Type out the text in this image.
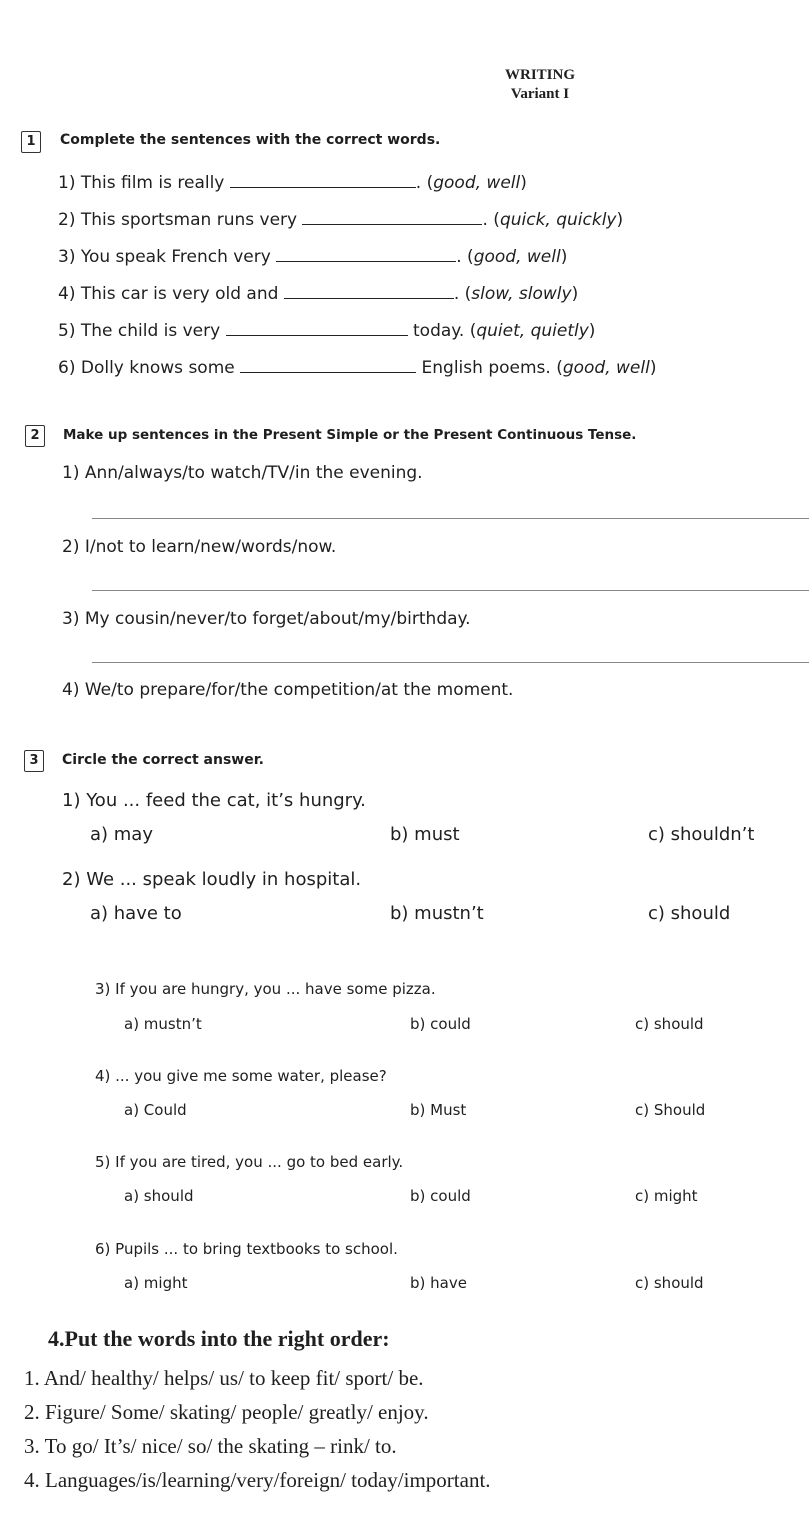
WRITING
Variant I
1	Complete the sentences with the correct words.
1) This film is really	. (good, well)
2) This sportsman runs very	. (quick, quickly)
3) You speak French very	. (good, well)
4) This car is very old and	. (slow, slowly)
5) The child is very	today. (quiet, quietly)
6) Dolly knows some	English poems. (good, well)
2	Make up sentences in the Present Simple or the Present Continuous Tense.
1) Ann/always/to watch/TV/in the evening.
2) I/not to learn/new/words/now.
3) My cousin/never/to forget/about/my/birthday.
4) We/to prepare/for/the competition/at the moment.
3	Circle the correct answer.
1) You ... feed the cat, it’s hungry.
a) may	b) must	c) shouldn’t
2) We ... speak loudly in hospital.
a) have to	b) mustn’t	c) should
3) If you are hungry, you ... have some pizza.
a) mustn’t	b) could	c) should
4) ... you give me some water, please?
a) Could	b) Must	c) Should
5) If you are tired, you ... go to bed early.
a) should	b) could	c) might
6) Pupils ... to bring textbooks to school.
a) might	b) have	c) should
4.Put the words into the right order:
1. And/ healthy/ helps/ us/ to keep fit/ sport/ be.
2. Figure/ Some/ skating/ people/ greatly/ enjoy.
3. To go/ It’s/ nice/ so/ the skating – rink/ to.
4. Languages/is/learning/very/foreign/ today/important.
